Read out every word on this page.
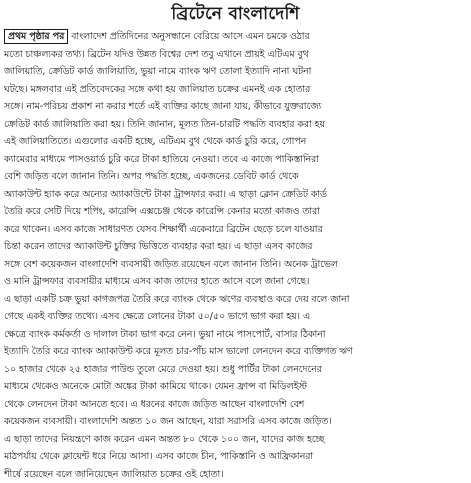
ব্রিটেনে বাংলাদেশি
প্রথম পৃষ্ঠার পর বাংলাদেশ প্রতিদিনের অনুসন্ধানে বেরিয়ে আসে এমন চমকে ওঠার
মতো চাঞ্চল্যকর তথ্য। ব্রিটেন যদিও উন্নত বিশ্বের দেশ তবু এখানে প্রায়ই এটিএম বুথ
জালিয়াতি, ক্রেডিট কার্ড জালিয়াতি, ভুয়া নামে ব্যাংক ঋণ তোলা ইত্যাদি নানা ঘটনা
ঘটছে। মঙ্গলবার এই প্রতিবেদকের সঙ্গে কথা হয় জালিয়াত চক্রের এমনই এক হোতার
সঙ্গে। নাম-পরিচয় প্রকাশ না করার শর্তে এই ব্যক্তির কাছে জানা যায়, কীভাবে যুক্তরাজ্যে
ক্রেডিট কার্ড জালিয়াতি করা হয়। তিনি জানান, মূলত তিন-চারটি পদ্ধতি ব্যবহার করা হয়
এই জালিয়াতিতে। এগুলোর একটি হচ্ছে, এটিএম বুথ থেকে কার্ড চুরি করে, গোপন
ক্যামেরার মাধ্যমে পাসওয়ার্ড চুরি করে টাকা হাতিয়ে নেওয়া। তবে এ কাজে পাকিস্তানিরা
বেশি জড়িত বলে জানান তিনি। অপর পদ্ধতি হচ্ছে, একজনের ডেবিট কার্ড থেকে
অ্যাকাউন্ট হ্যাক করে অন্যের অ্যাকাউন্টে টাকা ট্রান্সফার করা। এ ছাড়া ক্লোন ক্রেডিট কার্ড
তৈরি করে সেটি দিয়ে শপিং, কারেন্সি এক্সচেঞ্জ থেকে কারেন্সি কেনার মতো কাজও তারা
করে থাকেন। এসব কাজে সাধারণত যেসব শিক্ষার্থী একেবারে ব্রিটেন ছেড়ে চলে যাওয়ার
চিন্তা করেন তাদের অ্যাকাউন্ট চুক্তির ভিত্তিতে ব্যবহার করা হয়। এ ছাড়া এসব কাজের
সঙ্গে বেশ কয়েকজন বাংলাদেশি ব্যবসায়ী জড়িত রয়েছেন বলে জানান তিনি। অনেক ট্রাভেল
ও মানি ট্রান্সফার ব্যবসায়ীর মাধ্যমে এসব কাজ তাদের হাতে আসে বলে জানা গেছে।
এ ছাড়া একটি চক্র ভুয়া কাগজপত্র তৈরি করে ব্যাংক থেকে ঋণের ব্যবস্থাও করে দেয় বলে জানা
গেছে একই ব্যক্তির তথ্যে। এসব ক্ষেত্রে লোনের টাকা ৫০/৫০ ভাগে ভাগ করা হয়। এ
ক্ষেত্রে ব্যাংক কর্মকর্তা ও দালাল টাকা ভাগ করে নেন। ভুয়া নামে পাসপোর্ট, বাসার ঠিকানা
ইত্যাদি তৈরি করে ব্যাংক অ্যাকাউন্ট করে মূলত চার-পাঁচ মাস ভালো লেনদেন করে ব্যক্তিগত ঋণ
১০ হাজার থেকে ২৫ হাজার পাউন্ড তুলে মেরে দেওয়া হয়। শুধু পার্টির টাকা লেনদেনের
মাধ্যমে থেকেও অনেকে মোটা অঙ্কের টাকা কামিয়ে থাকে। যেমন ফ্রান্স বা মিডিলইস্ট
থেকে লেনদেন টাকা আনতে হবে। এ ধরনের কাজে জড়িত আছেন বাংলাদেশি বেশ
কয়েকজন ব্যবসায়ী। বাংলাদেশি অন্তত ১০ জন আছেন, যারা সরাসরি এসব কাজে জড়িত।
এ ছাড়া তাদের নিয়ন্ত্রণে কাজ করেন এমন অন্তত ৮০ থেকে ১০০ জন, যাদের কাজ হচ্ছে
মাঠপর্যায় থেকে ক্লায়েন্ট ধরে নিয়ে আসা। এসব কাজে চীন, পাকিস্তানি ও আফ্রিকানরা
শীর্ষে রয়েছেন বলে জানিয়েছেন জালিয়াত চক্রের ওই হোতা।
